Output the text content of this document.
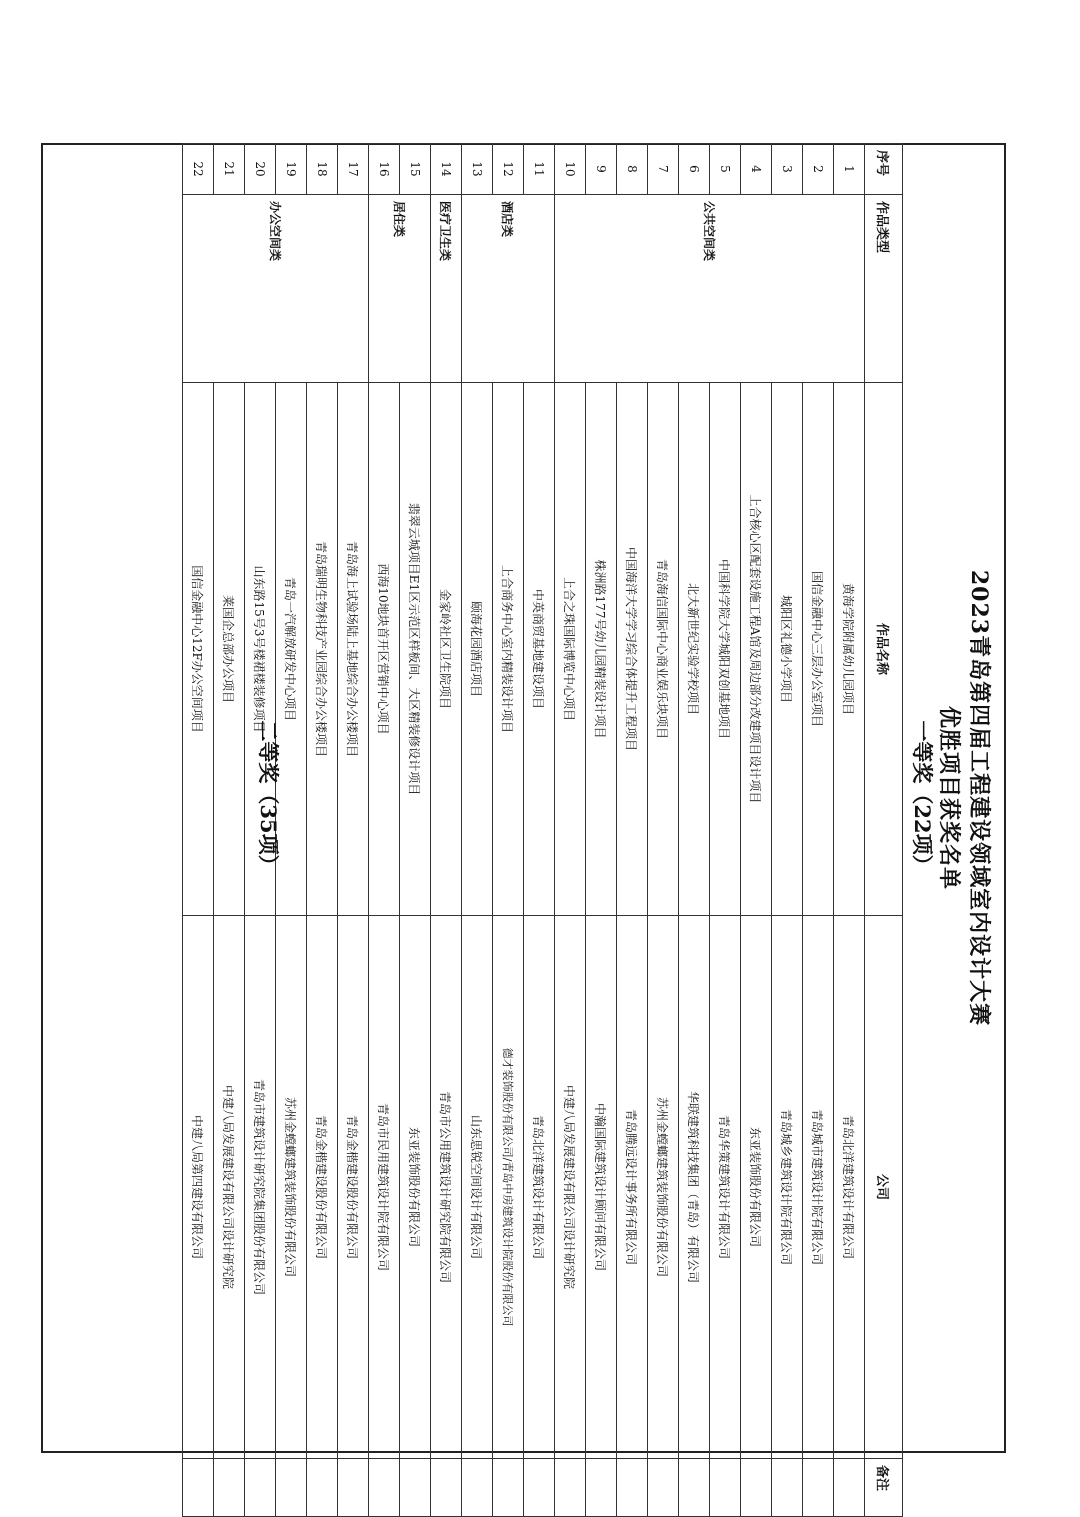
2023青岛第四届工程建设领域室内设计大赛
优胜项目获奖名单
一等奖（22项）
序号	作品类型	作品名称	公司	备注
1	公共空间类	黄海学院附属幼儿园项目	青岛北洋建筑设计有限公司	
2		国信金融中心三层办公室项目	青岛城市建筑设计院有限公司	
3		城阳区礼德小学项目	青岛城乡建筑设计院有限公司	
4		上合核心区配套设施工程A馆及周边部分改建项目设计项目	东亚装饰股份有限公司	
5		中国科学院大学城阳双创基地项目	青岛华策建筑设计有限公司	
6		北大新世纪实验学校项目	华联建筑科技集团（青岛）有限公司	
7		青岛海信国际中心商业娱乐块项目	苏州金螳螂建筑装饰股份有限公司	
8		中国海洋大学学习综合体提升工程项目	青岛腾远设计事务所有限公司	
9		株洲路177号幼儿园精装设计项目	中瀚国际建筑设计顾问有限公司	
10		上合之珠国际博览中心项目	中建八局发展建设有限公司设计研究院	
11	酒店类	中英商贸基地建设项目	青岛北洋建筑设计有限公司	
12		上合商务中心室内精装设计项目	德才装饰股份有限公司/青岛中房建筑设计院股份有限公司	
13		颐海花园酒店项目	山东思锐空间设计有限公司	
14	医疗卫生类	金家岭社区卫生院项目	青岛市公用建筑设计研究院有限公司	
15	居住类	翡翠云城项目E1区示范区样板间、大区精装修设计项目	东亚装饰股份有限公司	
16		西海10地块首开区营销中心项目	青岛市民用建筑设计院有限公司	
17	办公空间类	青岛海上试验场陆上基地综合办公楼项目	青岛金楷建设股份有限公司	
18		青岛瑞明生物科技产业园综合办公楼项目	青岛金楷建设股份有限公司	
19		青岛一汽解放研发中心项目	苏州金螳螂建筑装饰股份有限公司	
20		山东路15号3号楼裙楼装修项目	青岛市建筑设计研究院集团股份有限公司	
21		莱国企总部办公项目	中建八局发展建设有限公司设计研究院	
22		国信金融中心12F办公空间项目	中建八局第四建设有限公司	
二等奖（35项）
